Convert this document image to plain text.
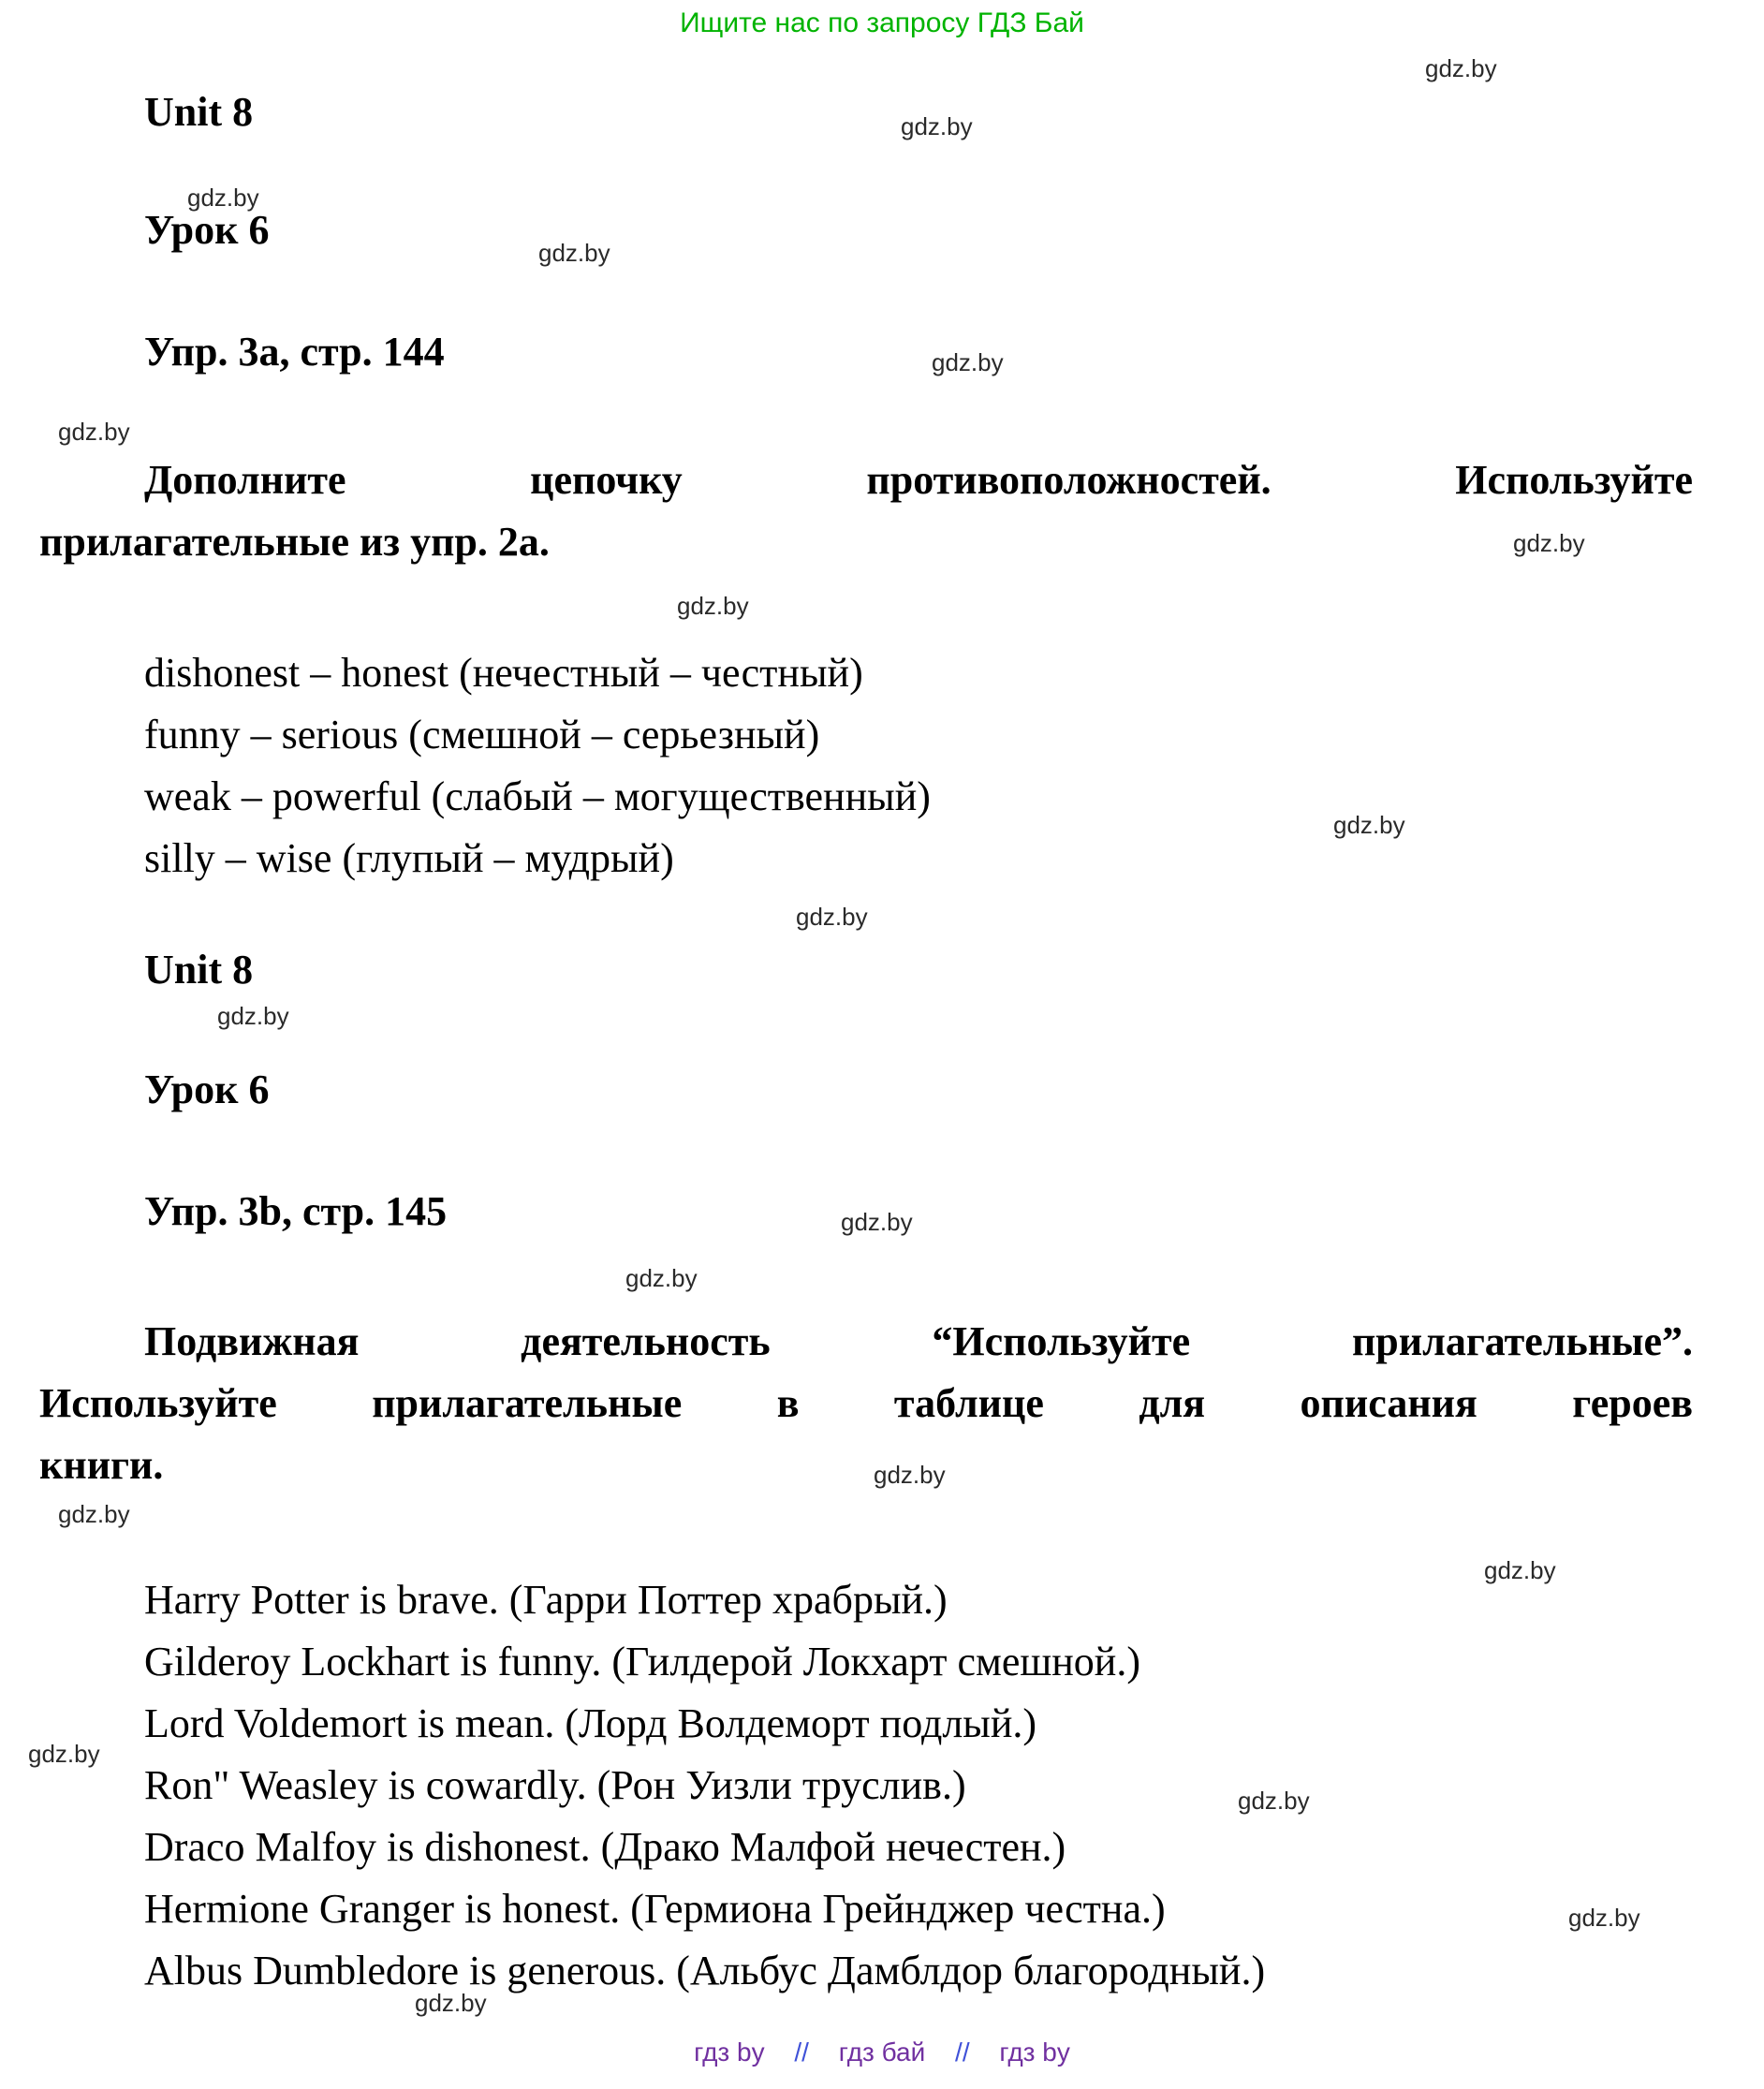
Ищите нас по запросу ГДЗ Бай
gdz.by
gdz.by
gdz.by
gdz.by
gdz.by
gdz.by
gdz.by
gdz.by
gdz.by
gdz.by
gdz.by
gdz.by
gdz.by
gdz.by
gdz.by
gdz.by
gdz.by
gdz.by
gdz.by
gdz.by
Unit 8
Урок 6
Упр. 3а, стр. 144
Дополните цепочку противоположностей. Используйте
прилагательные из упр. 2а.
dishonest – honest (нечестный – честный)
funny – serious (смешной – серьезный)
weak – powerful (слабый – могущественный)
silly – wise (глупый – мудрый)
Unit 8
Урок 6
Упр. 3b, стр. 145
Подвижная деятельность “Используйте прилагательные”.
Используйте прилагательные в таблице для описания героев
книги.
Harry Potter is brave. (Гарри Поттер храбрый.)
Gilderoy Lockhart is funny. (Гилдерой Локхарт смешной.)
Lord Voldemort is mean. (Лорд Волдеморт подлый.)
Ron" Weasley is cowardly. (Рон Уизли труслив.)
Draco Malfoy is dishonest. (Драко Малфой нечестен.)
Hermione Granger is honest. (Гермиона Грейнджер честна.)
Albus Dumbledore is generous. (Альбус Дамблдор благородный.)
гдз by // гдз бай // гдз by
